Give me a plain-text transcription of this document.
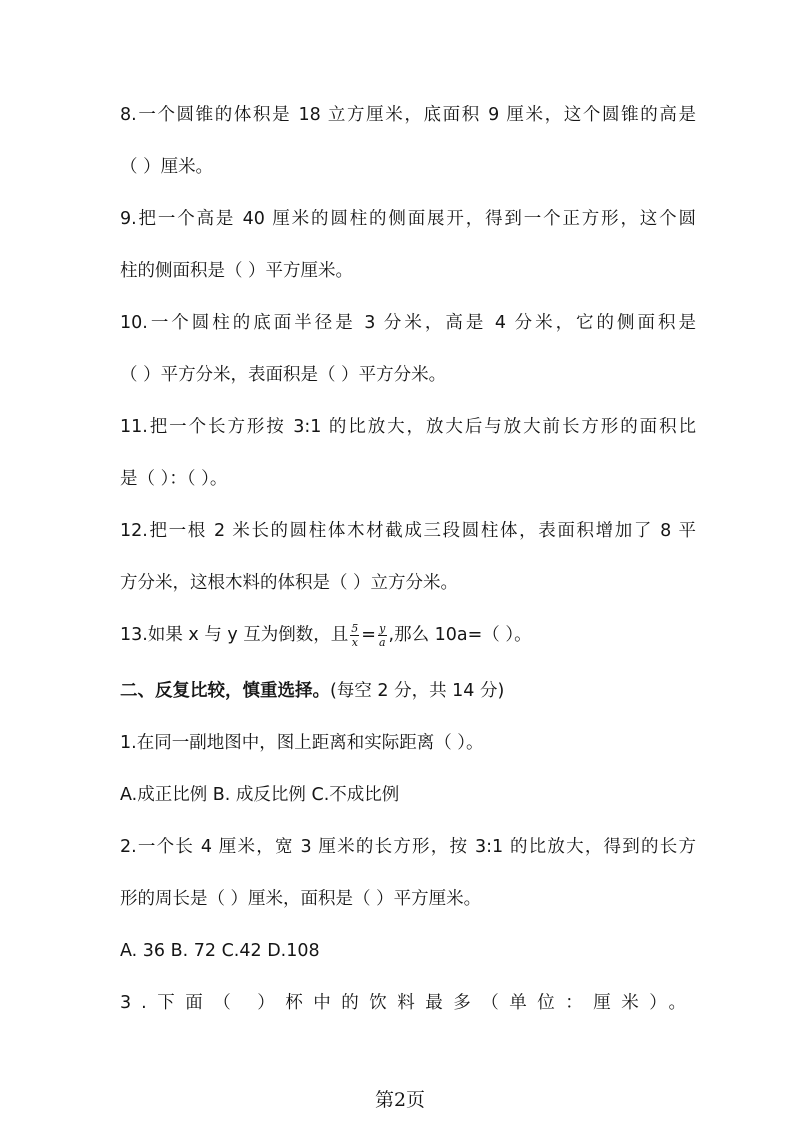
8.一个圆锥的体积是 18 立方厘米，底面积 9 厘米，这个圆锥的高是
（ ）厘米。
9.把一个高是 40 厘米的圆柱的侧面展开，得到一个正方形，这个圆
柱的侧面积是（ ）平方厘米。
10.一个圆柱的底面半径是 3 分米，高是 4 分米，它的侧面积是
（ ）平方分米，表面积是（ ）平方分米。
11.把一个长方形按 3:1 的比放大，放大后与放大前长方形的面积比
是（ ）：（ ）。
12.把一根 2 米长的圆柱体木材截成三段圆柱体，表面积增加了 8 平
方分米，这根木料的体积是（ ）立方分米。
13.如果 x 与 y 互为倒数，且 $\frac{5}{x} = \frac{y}{a}$ ,那么 10a=（ ）。
二、反复比较，慎重选择。(每空 2 分，共 14 分)
1.在同一副地图中，图上距离和实际距离（ ）。
A.成正比例 B. 成反比例 C.不成比例
2.一个长 4 厘米，宽 3 厘米的长方形，按 3:1 的比放大，得到的长方
形的周长是（ ）厘米，面积是（ ）平方厘米。
A. 36 B. 72 C.42 D.108
3.下面（ ）杯中的饮料最多（单位：厘米）。
第2页
